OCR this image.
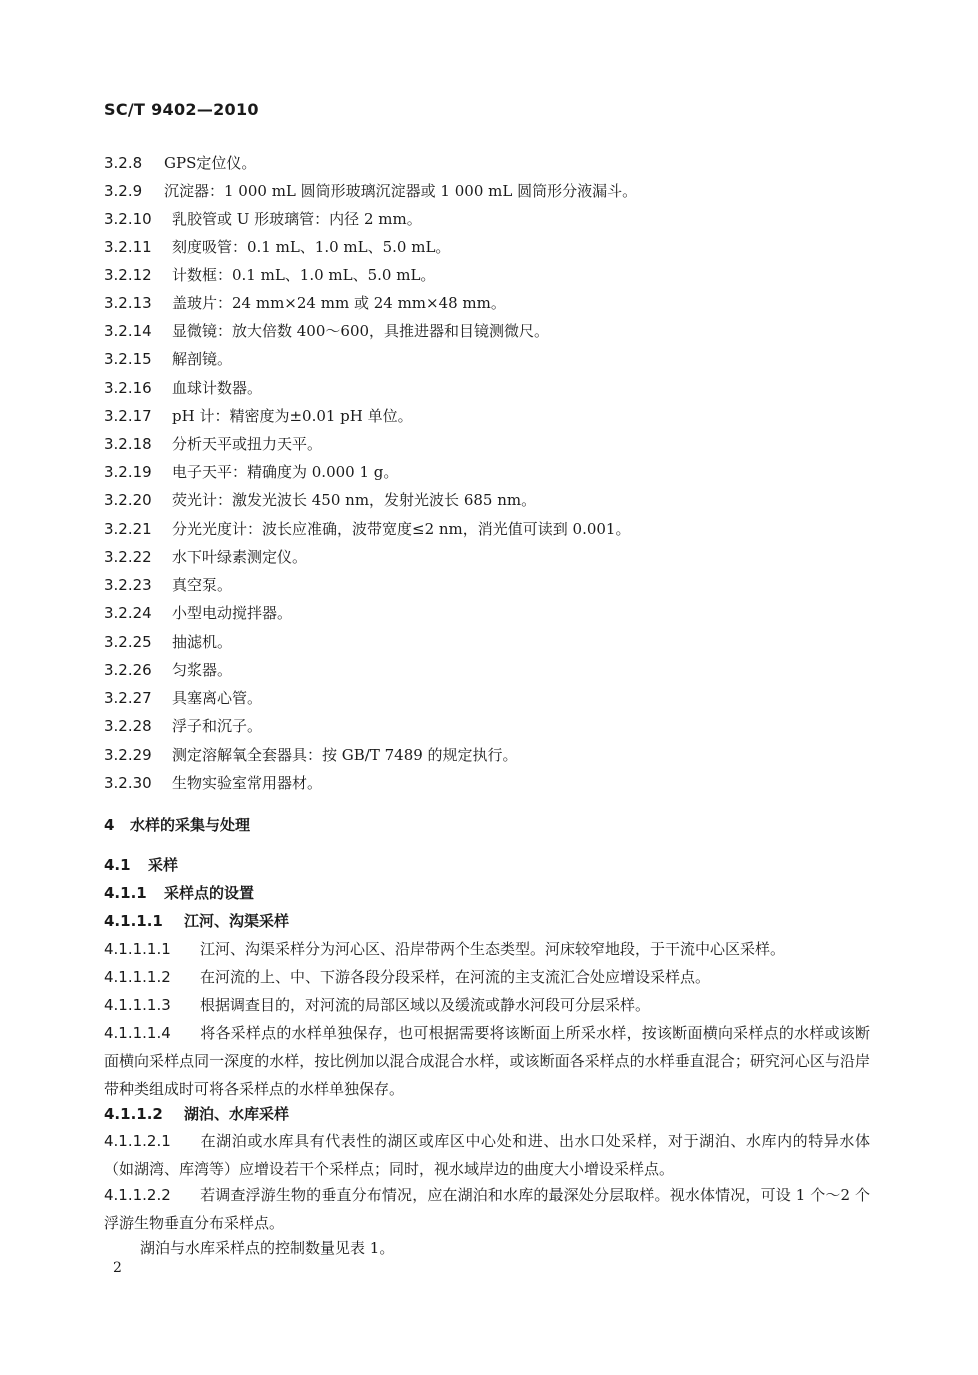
SC/T 9402—2010
3.2.8 GPS定位仪。
3.2.9 沉淀器：1 000 mL 圆筒形玻璃沉淀器或 1 000 mL 圆筒形分液漏斗。
3.2.10 乳胶管或 U 形玻璃管：内径 2 mm。
3.2.11 刻度吸管：0.1 mL、1.0 mL、5.0 mL。
3.2.12 计数框：0.1 mL、1.0 mL、5.0 mL。
3.2.13 盖玻片：24 mm×24 mm 或 24 mm×48 mm。
3.2.14 显微镜：放大倍数 400～600，具推进器和目镜测微尺。
3.2.15 解剖镜。
3.2.16 血球计数器。
3.2.17 pH 计：精密度为±0.01 pH 单位。
3.2.18 分析天平或扭力天平。
3.2.19 电子天平：精确度为 0.000 1 g。
3.2.20 荧光计：激发光波长 450 nm，发射光波长 685 nm。
3.2.21 分光光度计：波长应准确，波带宽度≤2 nm，消光值可读到 0.001。
3.2.22 水下叶绿素测定仪。
3.2.23 真空泵。
3.2.24 小型电动搅拌器。
3.2.25 抽滤机。
3.2.26 匀浆器。
3.2.27 具塞离心管。
3.2.28 浮子和沉子。
3.2.29 测定溶解氧全套器具：按 GB/T 7489 的规定执行。
3.2.30 生物实验室常用器材。
4 水样的采集与处理
4.1 采样
4.1.1 采样点的设置
4.1.1.1 江河、沟渠采样
4.1.1.1.1 江河、沟渠采样分为河心区、沿岸带两个生态类型。河床较窄地段，于干流中心区采样。
4.1.1.1.2 在河流的上、中、下游各段分段采样，在河流的主支流汇合处应增设采样点。
4.1.1.1.3 根据调查目的，对河流的局部区域以及缓流或静水河段可分层采样。
4.1.1.1.4 将各采样点的水样单独保存，也可根据需要将该断面上所采水样，按该断面横向采样点的水样或该断面横向采样点同一深度的水样，按比例加以混合成混合水样，或该断面各采样点的水样垂直混合；研究河心区与沿岸带种类组成时可将各采样点的水样单独保存。
4.1.1.2 湖泊、水库采样
4.1.1.2.1 在湖泊或水库具有代表性的湖区或库区中心处和进、出水口处采样，对于湖泊、水库内的特异水体（如湖湾、库湾等）应增设若干个采样点；同时，视水域岸边的曲度大小增设采样点。
4.1.1.2.2 若调查浮游生物的垂直分布情况，应在湖泊和水库的最深处分层取样。视水体情况，可设 1 个～2 个浮游生物垂直分布采样点。
湖泊与水库采样点的控制数量见表 1。
2
